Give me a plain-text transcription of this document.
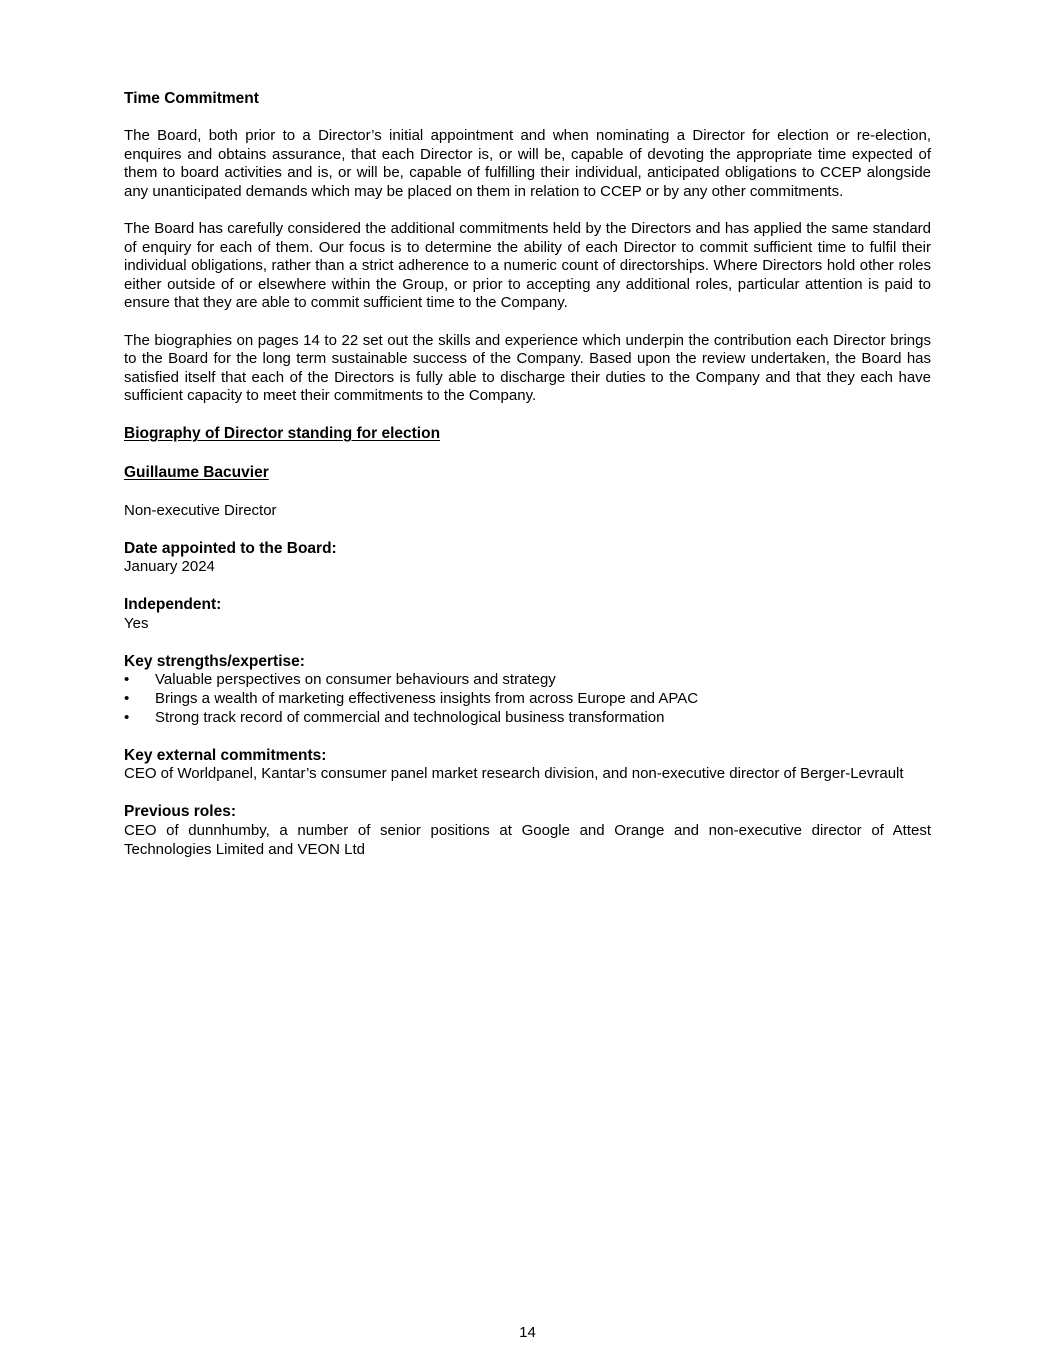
Time Commitment

The Board, both prior to a Director’s initial appointment and when nominating a Director for election or re-election, enquires and obtains assurance, that each Director is, or will be, capable of devoting the appropriate time expected of them to board activities and is, or will be, capable of fulfilling their individual, anticipated obligations to CCEP alongside any unanticipated demands which may be placed on them in relation to CCEP or by any other commitments.

The Board has carefully considered the additional commitments held by the Directors and has applied the same standard of enquiry for each of them. Our focus is to determine the ability of each Director to commit sufficient time to fulfil their individual obligations, rather than a strict adherence to a numeric count of directorships. Where Directors hold other roles either outside of or elsewhere within the Group, or prior to accepting any additional roles, particular attention is paid to ensure that they are able to commit sufficient time to the Company.

The biographies on pages 14 to 22 set out the skills and experience which underpin the contribution each Director brings to the Board for the long term sustainable success of the Company. Based upon the review undertaken, the Board has satisfied itself that each of the Directors is fully able to discharge their duties to the Company and that they each have sufficient capacity to meet their commitments to the Company.

Biography of Director standing for election
Guillaume Bacuvier

Non-executive Director

Date appointed to the Board:
January 2024
Independent:
Yes
Key strengths/expertise:
• Valuable perspectives on consumer behaviours and strategy
• Brings a wealth of marketing effectiveness insights from across Europe and APAC
• Strong track record of commercial and technological business transformation
Key external commitments:
CEO of Worldpanel, Kantar’s consumer panel market research division, and non-executive director of Berger-Levrault
Previous roles:

CEO of dunnhumby, a number of senior positions at Google and Orange and non-executive director of Attest Technologies Limited and VEON Ltd

14
